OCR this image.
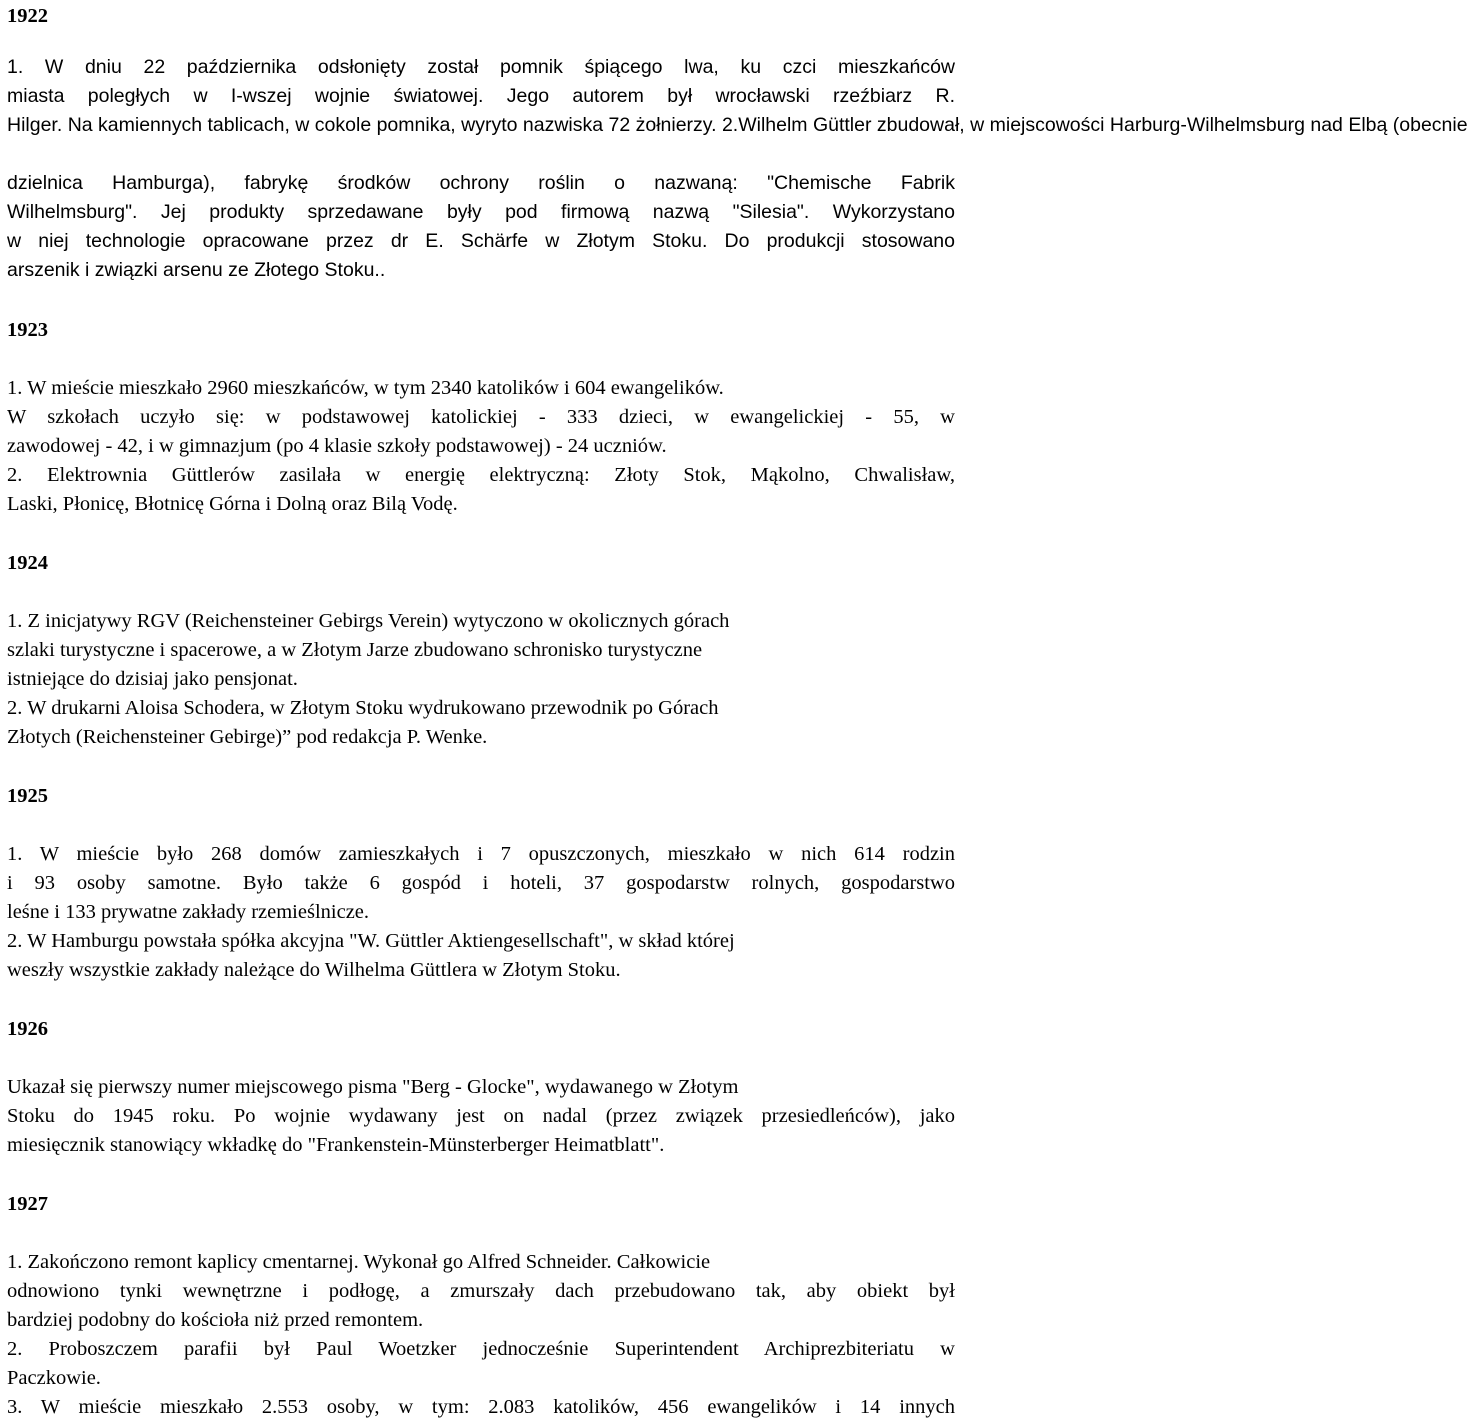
1922
1. W dniu 22 października odsłonięty został pomnik śpiącego lwa, ku czci mieszkańców
miasta poległych w I-wszej wojnie światowej. Jego autorem był wrocławski rzeźbiarz R.
Hilger. Na kamiennych tablicach, w cokole pomnika, wyryto nazwiska 72 żołnierzy. 2.Wilhelm Güttler zbudował, w miejscowości Harburg-Wilhelmsburg nad Elbą (obecnie
dzielnica Hamburga), fabrykę środków ochrony roślin o nazwaną: "Chemische Fabrik
Wilhelmsburg". Jej produkty sprzedawane były pod firmową nazwą "Silesia". Wykorzystano
w niej technologie opracowane przez dr E. Schärfe w Złotym Stoku. Do produkcji stosowano
arszenik i związki arsenu ze Złotego Stoku..
1923
1. W mieście mieszkało 2960 mieszkańców, w tym 2340 katolików i 604 ewangelików.
W szkołach uczyło się: w podstawowej katolickiej - 333 dzieci, w ewangelickiej - 55, w
zawodowej - 42, i w gimnazjum (po 4 klasie szkoły podstawowej) - 24 uczniów.
2. Elektrownia Güttlerów zasilała w energię elektryczną: Złoty Stok, Mąkolno, Chwalisław,
Laski, Płonicę, Błotnicę Górna i Dolną oraz Bilą Vodę.
1924
1. Z inicjatywy RGV (Reichensteiner Gebirgs Verein) wytyczono w okolicznych górach
szlaki turystyczne i spacerowe, a w Złotym Jarze zbudowano schronisko turystyczne
istniejące do dzisiaj jako pensjonat.
2. W drukarni Aloisa Schodera, w Złotym Stoku wydrukowano przewodnik po Górach
Złotych (Reichensteiner Gebirge)” pod redakcja P. Wenke.
1925
1. W mieście było 268 domów zamieszkałych i 7 opuszczonych, mieszkało w nich 614 rodzin
i 93 osoby samotne. Było także 6 gospód i hoteli, 37 gospodarstw rolnych, gospodarstwo
leśne i 133 prywatne zakłady rzemieślnicze.
2. W Hamburgu powstała spółka akcyjna "W. Güttler Aktiengesellschaft", w skład której
weszły wszystkie zakłady należące do Wilhelma Güttlera w Złotym Stoku.
1926
Ukazał się pierwszy numer miejscowego pisma "Berg - Glocke", wydawanego w Złotym
Stoku do 1945 roku. Po wojnie wydawany jest on nadal (przez związek przesiedleńców), jako
miesięcznik stanowiący wkładkę do "Frankenstein-Münsterberger Heimatblatt".
1927
1. Zakończono remont kaplicy cmentarnej. Wykonał go Alfred Schneider. Całkowicie
odnowiono tynki wewnętrzne i podłogę, a zmurszały dach przebudowano tak, aby obiekt był
bardziej podobny do kościoła niż przed remontem.
2. Proboszczem parafii był Paul Woetzker jednocześnie Superintendent Archiprezbiteriatu w
Paczkowie.
3. W mieście mieszkało 2.553 osoby, w tym: 2.083 katolików, 456 ewangelików i 14 innych
